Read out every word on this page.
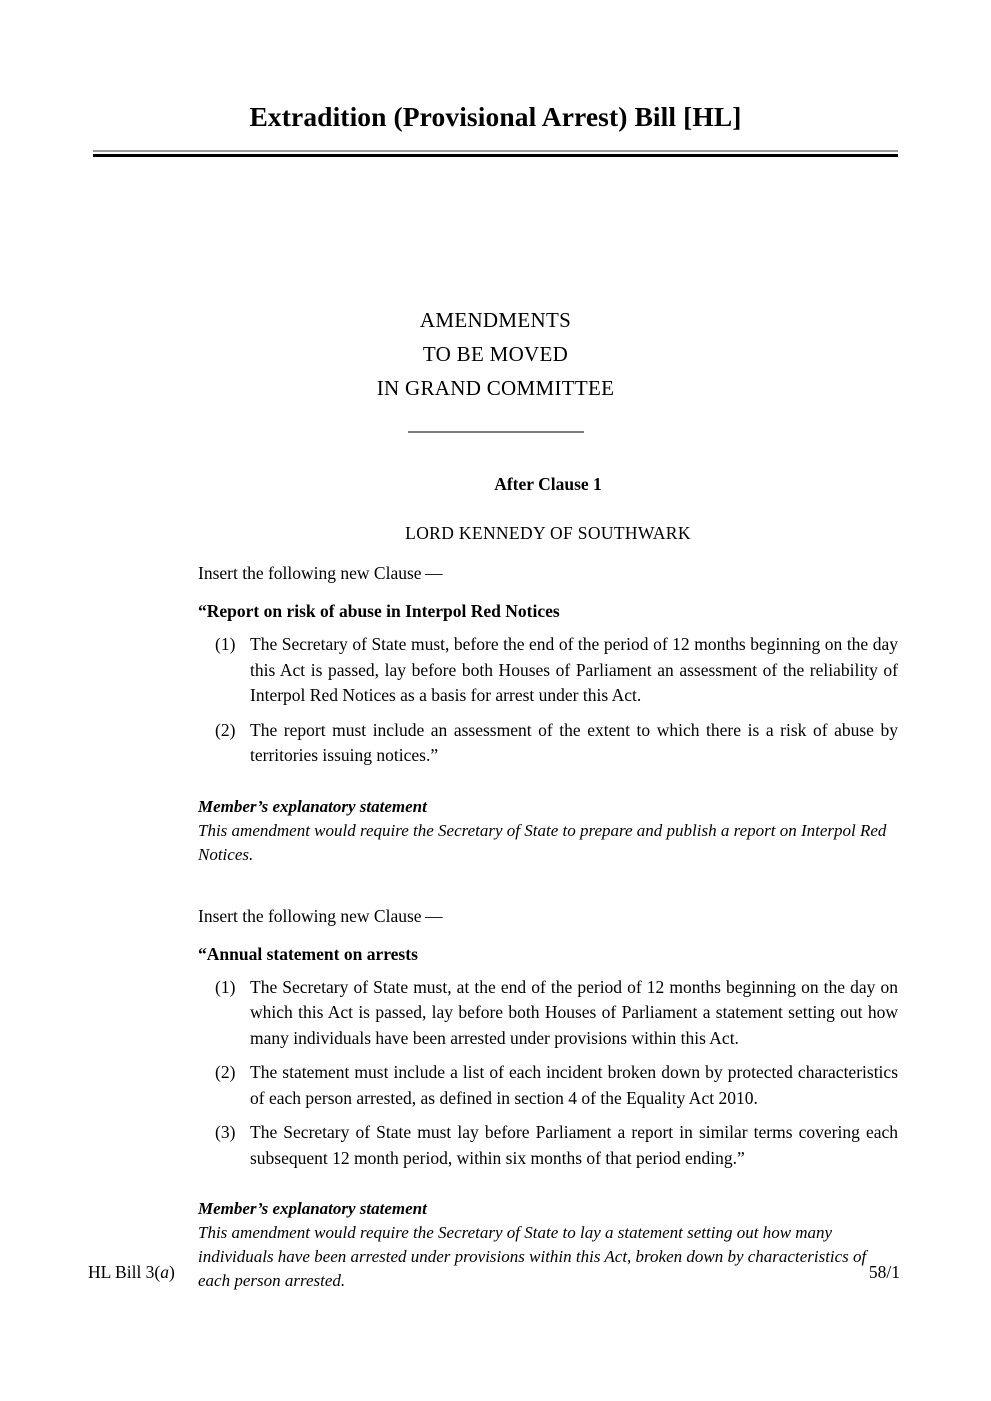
Extradition (Provisional Arrest) Bill [HL]
AMENDMENTS
TO BE MOVED
IN GRAND COMMITTEE
After Clause 1
LORD KENNEDY OF SOUTHWARK
Insert the following new Clause —
“Report on risk of abuse in Interpol Red Notices
(1) The Secretary of State must, before the end of the period of 12 months beginning on the day this Act is passed, lay before both Houses of Parliament an assessment of the reliability of Interpol Red Notices as a basis for arrest under this Act.
(2) The report must include an assessment of the extent to which there is a risk of abuse by territories issuing notices.”
Member’s explanatory statement
This amendment would require the Secretary of State to prepare and publish a report on Interpol Red Notices.
Insert the following new Clause —
“Annual statement on arrests
(1) The Secretary of State must, at the end of the period of 12 months beginning on the day on which this Act is passed, lay before both Houses of Parliament a statement setting out how many individuals have been arrested under provisions within this Act.
(2) The statement must include a list of each incident broken down by protected characteristics of each person arrested, as defined in section 4 of the Equality Act 2010.
(3) The Secretary of State must lay before Parliament a report in similar terms covering each subsequent 12 month period, within six months of that period ending.”
Member’s explanatory statement
This amendment would require the Secretary of State to lay a statement setting out how many individuals have been arrested under provisions within this Act, broken down by characteristics of each person arrested.
HL Bill 3(a)	58/1
